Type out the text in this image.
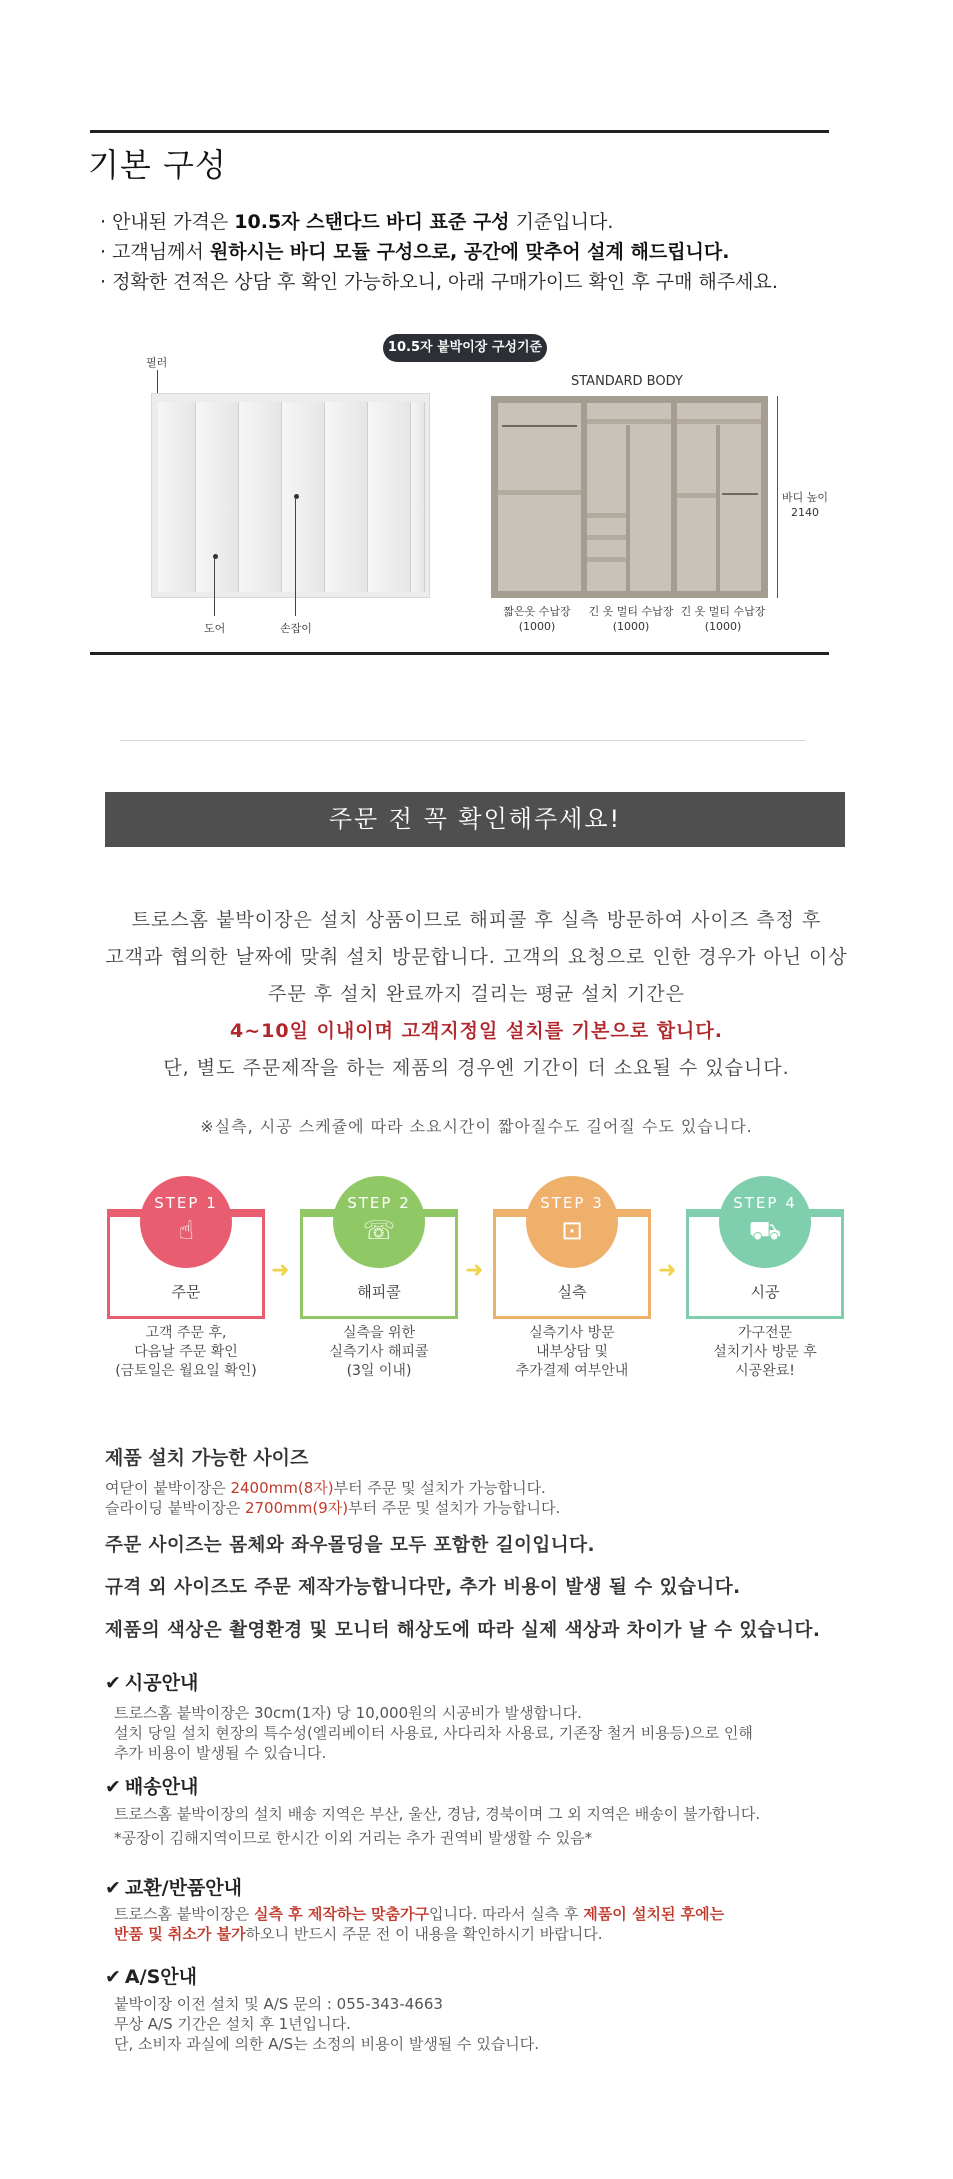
기본 구성
· 안내된 가격은 10.5자 스탠다드 바디 표준 구성 기준입니다.
· 고객님께서 원하시는 바디 모듈 구성으로, 공간에 맞추어 설계 해드립니다.
· 정확한 견적은 상담 후 확인 가능하오니, 아래 구매가이드 확인 후 구매 해주세요.
10.5자 붙박이장 구성기준
필러
도어	손잡이
STANDARD BODY
바디 높이
2140
짧은옷 수납장
(1000)
긴 옷 멀티 수납장
(1000)
긴 옷 멀티 수납장
(1000)
주문 전 꼭 확인해주세요!
트로스홈 붙박이장은 설치 상품이므로 해피콜 후 실측 방문하여 사이즈 측정 후
고객과 협의한 날짜에 맞춰 설치 방문합니다. 고객의 요청으로 인한 경우가 아닌 이상
주문 후 설치 완료까지 걸리는 평균 설치 기간은
4~10일 이내이며 고객지정일 설치를 기본으로 합니다.
단, 별도 주문제작을 하는 제품의 경우엔 기간이 더 소요될 수 있습니다.
※실측, 시공 스케쥴에 따라 소요시간이 짧아질수도 길어질 수도 있습니다.
STEP 1
☝
주문
고객 주문 후,
다음날 주문 확인
(금토일은 월요일 확인)
➜
STEP 2
☏
해피콜
실측을 위한
실측기사 해피콜
(3일 이내)
➜
STEP 3
⊡
실측
실측기사 방문
내부상담 및
추가결제 여부안내
➜
STEP 4
⛟
시공
가구전문
설치기사 방문 후
시공완료!
제품 설치 가능한 사이즈
여닫이 붙박이장은 2400mm(8자)부터 주문 및 설치가 가능합니다.
슬라이딩 붙박이장은 2700mm(9자)부터 주문 및 설치가 가능합니다.
주문 사이즈는 몸체와 좌우몰딩을 모두 포함한 길이입니다.
규격 외 사이즈도 주문 제작가능합니다만, 추가 비용이 발생 될 수 있습니다.
제품의 색상은 촬영환경 및 모니터 해상도에 따라 실제 색상과 차이가 날 수 있습니다.
✔ 시공안내
트로스홈 붙박이장은 30cm(1자) 당 10,000원의 시공비가 발생합니다.
설치 당일 설치 현장의 특수성(엘리베이터 사용료, 사다리차 사용료, 기존장 철거 비용등)으로 인해
추가 비용이 발생될 수 있습니다.
✔ 배송안내
트로스홈 붙박이장의 설치 배송 지역은 부산, 울산, 경남, 경북이며 그 외 지역은 배송이 불가합니다.
*공장이 김해지역이므로 한시간 이외 거리는 추가 권역비 발생할 수 있음*
✔ 교환/반품안내
트로스홈 붙박이장은 실측 후 제작하는 맞춤가구입니다. 따라서 실측 후 제품이 설치된 후에는
반품 및 취소가 불가하오니 반드시 주문 전 이 내용을 확인하시기 바랍니다.
✔ A/S안내
붙박이장 이전 설치 및 A/S 문의 : 055-343-4663
무상 A/S 기간은 설치 후 1년입니다.
단, 소비자 과실에 의한 A/S는 소정의 비용이 발생될 수 있습니다.
